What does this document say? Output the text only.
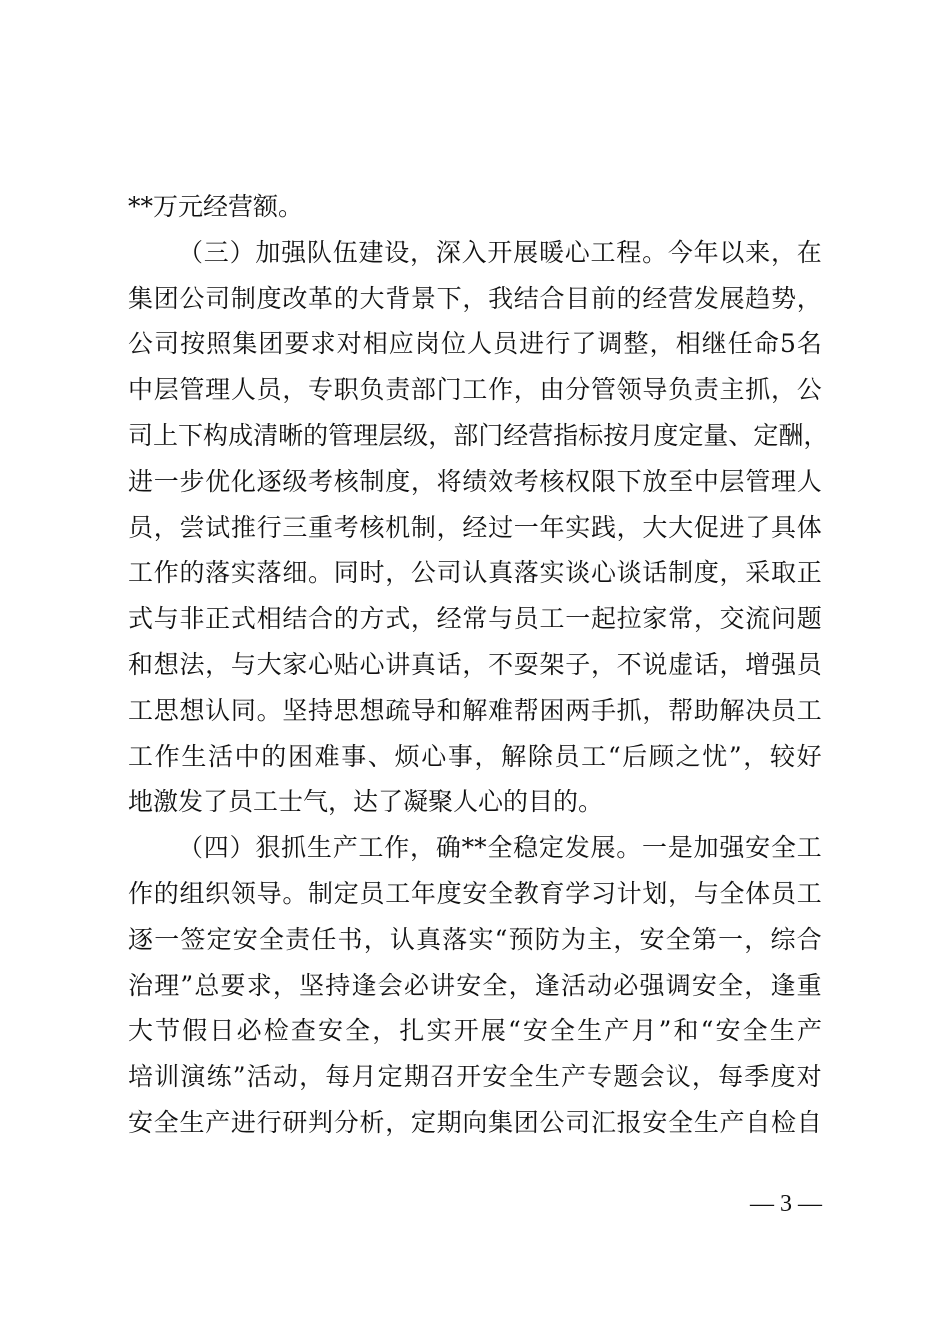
**万元经营额。
（ 三 ） 加 强 队 伍 建 设 ， 深 入 开 展 暖 心 工 程 。 今 年 以 来 ， 在
集 团 公 司 制 度 改 革 的 大 背 景 下 ， 我 结 合 目 前 的 经 营 发 展 趋 势 ，
公 司 按 照 集 团 要 求 对 相 应 岗 位 人 员 进 行 了 调 整 ， 相 继 任 命 5 名
中 层 管 理 人 员 ， 专 职 负 责 部 门 工 作 ， 由 分 管 领 导 负 责 主 抓 ， 公
司 上 下 构 成 清 晰 的 管 理 层 级 ， 部 门 经 营 指 标 按 月 度 定 量 、 定 酬 ，
进 一 步 优 化 逐 级 考 核 制 度 ， 将 绩 效 考 核 权 限 下 放 至 中 层 管 理 人
员 ， 尝 试 推 行 三 重 考 核 机 制 ， 经 过 一 年 实 践 ， 大 大 促 进 了 具 体
工 作 的 落 实 落 细 。 同 时 ， 公 司 认 真 落 实 谈 心 谈 话 制 度 ， 采 取 正
式 与 非 正 式 相 结 合 的 方 式 ， 经 常 与 员 工 一 起 拉 家 常 ， 交 流 问 题
和 想 法 ， 与 大 家 心 贴 心 讲 真 话 ， 不 耍 架 子 ， 不 说 虚 话 ， 增 强 员
工 思 想 认 同 。 坚 持 思 想 疏 导 和 解 难 帮 困 两 手 抓 ， 帮 助 解 决 员 工
工 作 生 活 中 的 困 难 事 、 烦 心 事 ， 解 除 员 工 “ 后 顾 之 忧 ” ， 较 好
地激发了员工士气，达了凝聚人心的目的。
（ 四 ） 狠 抓 生 产 工 作 ， 确 ** 全 稳 定 发 展 。 一 是 加 强 安 全 工
作 的 组 织 领 导 。 制 定 员 工 年 度 安 全 教 育 学 习 计 划 ， 与 全 体 员 工
逐 一 签 定 安 全 责 任 书 ， 认 真 落 实 “ 预 防 为 主 ， 安 全 第 一 ， 综 合
治 理 ” 总 要 求 ， 坚 持 逢 会 必 讲 安 全 ， 逢 活 动 必 强 调 安 全 ， 逢 重
大 节 假 日 必 检 查 安 全 ， 扎 实 开 展 “ 安 全 生 产 月 ” 和 “ 安 全 生 产
培 训 演 练 ” 活 动 ， 每 月 定 期 召 开 安 全 生 产 专 题 会 议 ， 每 季 度 对
安 全 生 产 进 行 研 判 分 析 ， 定 期 向 集 团 公 司 汇 报 安 全 生 产 自 检 自
— 3 —
